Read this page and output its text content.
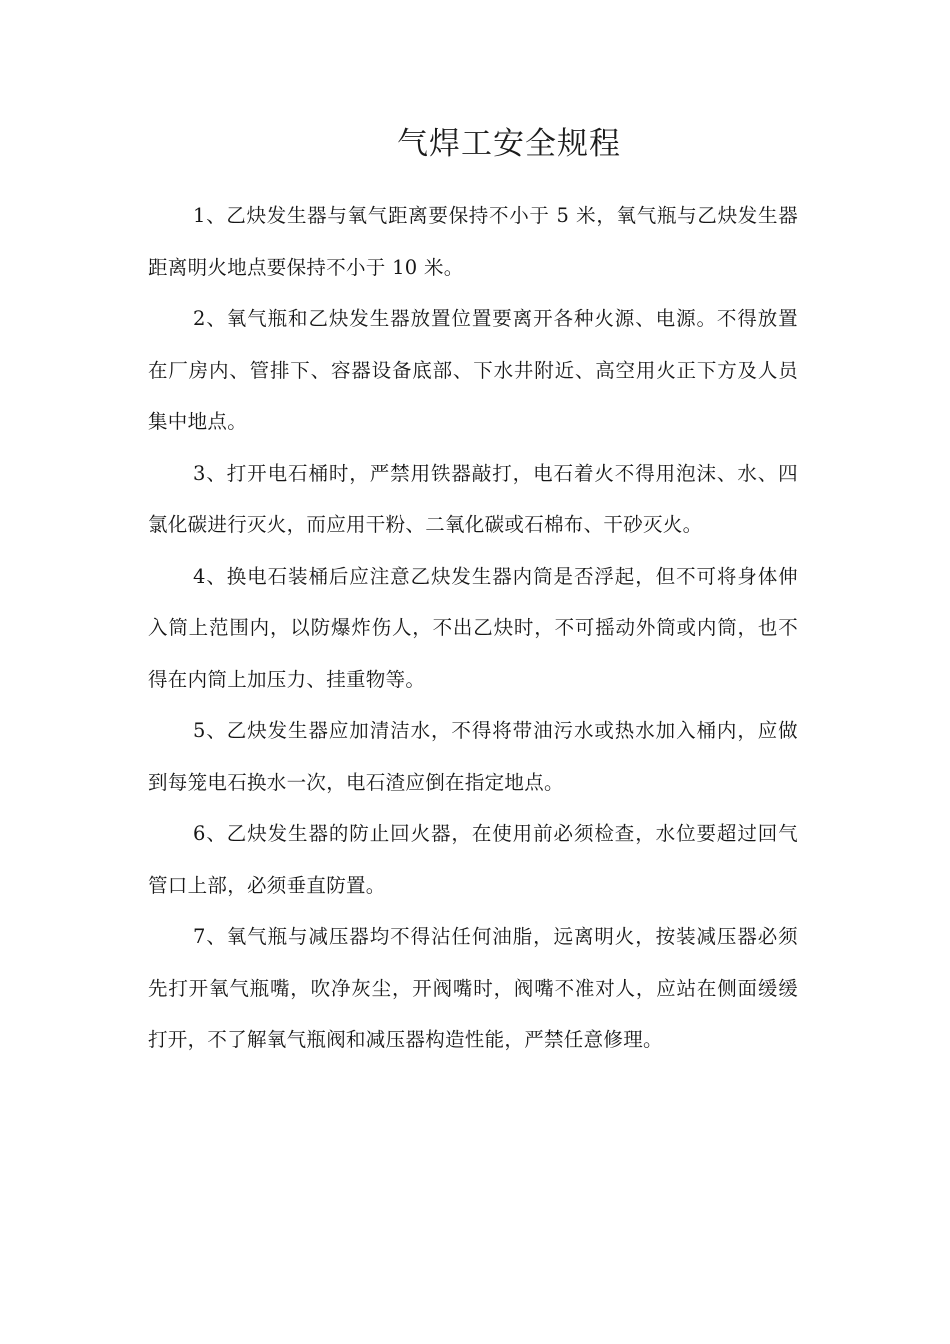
气焊工安全规程

1、乙炔发生器与氧气距离要保持不小于 5 米，氧气瓶与乙炔发生器距离明火地点要保持不小于 10 米。

2、氧气瓶和乙炔发生器放置位置要离开各种火源、电源。不得放置在厂房内、管排下、容器设备底部、下水井附近、高空用火正下方及人员集中地点。

3、打开电石桶时，严禁用铁器敲打，电石着火不得用泡沫、水、四氯化碳进行灭火，而应用干粉、二氧化碳或石棉布、干砂灭火。

4、换电石装桶后应注意乙炔发生器内筒是否浮起，但不可将身体伸入筒上范围内，以防爆炸伤人，不出乙炔时，不可摇动外筒或内筒，也不得在内筒上加压力、挂重物等。

5、乙炔发生器应加清洁水，不得将带油污水或热水加入桶内，应做到每笼电石换水一次，电石渣应倒在指定地点。

6、乙炔发生器的防止回火器，在使用前必须检查，水位要超过回气管口上部，必须垂直防置。

7、氧气瓶与减压器均不得沾任何油脂，远离明火，按装减压器必须先打开氧气瓶嘴，吹净灰尘，开阀嘴时，阀嘴不准对人，应站在侧面缓缓打开，不了解氧气瓶阀和减压器构造性能，严禁任意修理。
